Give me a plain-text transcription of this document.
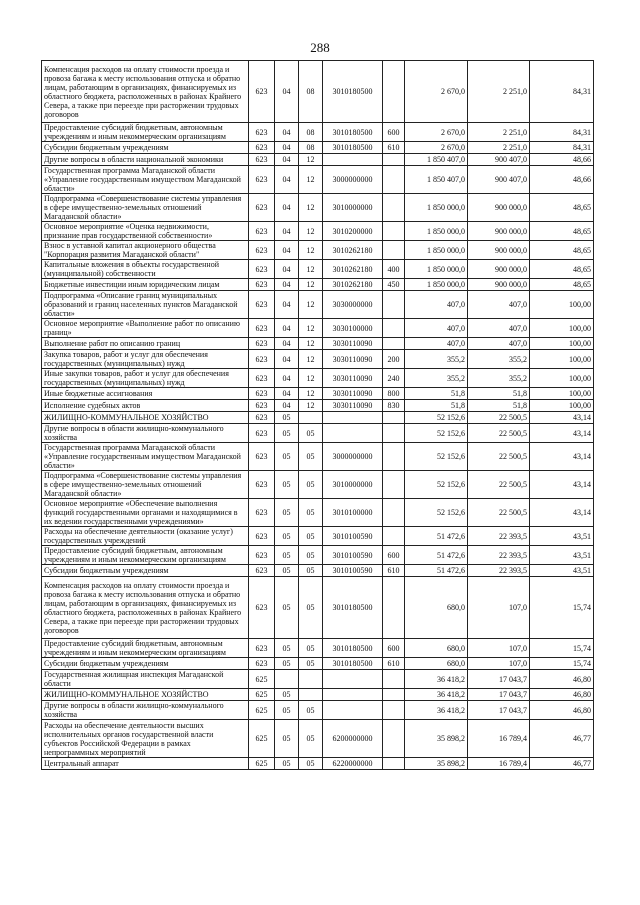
288
Компенсация расходов на оплату стоимости проезда и провоза багажа к месту использования отпуска и обратно лицам, работающим в организациях, финансируемых из областного бюджета, расположенных в районах Крайнего Севера, а также при переезде при расторжении трудовых договоров	623	04	08	3010180500		2 670,0	2 251,0	84,31
Предоставление субсидий бюджетным, автономным учреждениям и иным некоммерческим организациям	623	04	08	3010180500	600	2 670,0	2 251,0	84,31
Субсидии бюджетным учреждениям	623	04	08	3010180500	610	2 670,0	2 251,0	84,31
Другие вопросы в области национальной экономики	623	04	12			1 850 407,0	900 407,0	48,66
Государственная программа Магаданской области «Управление государственным имуществом Магаданской области»	623	04	12	3000000000		1 850 407,0	900 407,0	48,66
Подпрограмма «Совершенствование системы управления в сфере имущественно-земельных отношений Магаданской области»	623	04	12	3010000000		1 850 000,0	900 000,0	48,65
Основное мероприятие «Оценка недвижимости, признание прав государственной собственности»	623	04	12	3010200000		1 850 000,0	900 000,0	48,65
Взнос в уставной капитал акционерного общества "Корпорация развития Магаданской области"	623	04	12	3010262180		1 850 000,0	900 000,0	48,65
Капитальные вложения в объекты государственной (муниципальной) собственности	623	04	12	3010262180	400	1 850 000,0	900 000,0	48,65
Бюджетные инвестиции иным юридическим лицам	623	04	12	3010262180	450	1 850 000,0	900 000,0	48,65
Подпрограмма «Описание границ муниципальных образований и границ населенных пунктов Магаданской области»	623	04	12	3030000000		407,0	407,0	100,00
Основное мероприятие «Выполнение работ по описанию границ»	623	04	12	3030100000		407,0	407,0	100,00
Выполнение работ по описанию границ	623	04	12	3030110090		407,0	407,0	100,00
Закупка товаров, работ и услуг для обеспечения государственных (муниципальных) нужд	623	04	12	3030110090	200	355,2	355,2	100,00
Иные закупки товаров, работ и услуг для обеспечения государственных (муниципальных) нужд	623	04	12	3030110090	240	355,2	355,2	100,00
Иные бюджетные ассигнования	623	04	12	3030110090	800	51,8	51,8	100,00
Исполнение судебных актов	623	04	12	3030110090	830	51,8	51,8	100,00
ЖИЛИЩНО-КОММУНАЛЬНОЕ ХОЗЯЙСТВО	623	05				52 152,6	22 500,5	43,14
Другие вопросы в области жилищно-коммунального хозяйства	623	05	05			52 152,6	22 500,5	43,14
Государственная программа Магаданской области «Управление государственным имуществом Магаданской области»	623	05	05	3000000000		52 152,6	22 500,5	43,14
Подпрограмма «Совершенствование системы управления в сфере имущественно-земельных отношений Магаданской области»	623	05	05	3010000000		52 152,6	22 500,5	43,14
Основное мероприятие «Обеспечение выполнения функций государственными органами и находящимися в их ведении государственными учреждениями»	623	05	05	3010100000		52 152,6	22 500,5	43,14
Расходы на обеспечение деятельности (оказание услуг) государственных учреждений	623	05	05	3010100590		51 472,6	22 393,5	43,51
Предоставление субсидий бюджетным, автономным учреждениям и иным некоммерческим организациям	623	05	05	3010100590	600	51 472,6	22 393,5	43,51
Субсидии бюджетным учреждениям	623	05	05	3010100590	610	51 472,6	22 393,5	43,51
Компенсация расходов на оплату стоимости проезда и провоза багажа к месту использования отпуска и обратно лицам, работающим в организациях, финансируемых из областного бюджета, расположенных в районах Крайнего Севера, а также при переезде при расторжении трудовых договоров	623	05	05	3010180500		680,0	107,0	15,74
Предоставление субсидий бюджетным, автономным учреждениям и иным некоммерческим организациям	623	05	05	3010180500	600	680,0	107,0	15,74
Субсидии бюджетным учреждениям	623	05	05	3010180500	610	680,0	107,0	15,74
Государственная жилищная инспекция Магаданской области	625					36 418,2	17 043,7	46,80
ЖИЛИЩНО-КОММУНАЛЬНОЕ ХОЗЯЙСТВО	625	05				36 418,2	17 043,7	46,80
Другие вопросы в области жилищно-коммунального хозяйства	625	05	05			36 418,2	17 043,7	46,80
Расходы на обеспечение деятельности высших исполнительных органов государственной власти субъектов Российской Федерации в рамках непрограммных мероприятий	625	05	05	6200000000		35 898,2	16 789,4	46,77
Центральный аппарат	625	05	05	6220000000		35 898,2	16 789,4	46,77
